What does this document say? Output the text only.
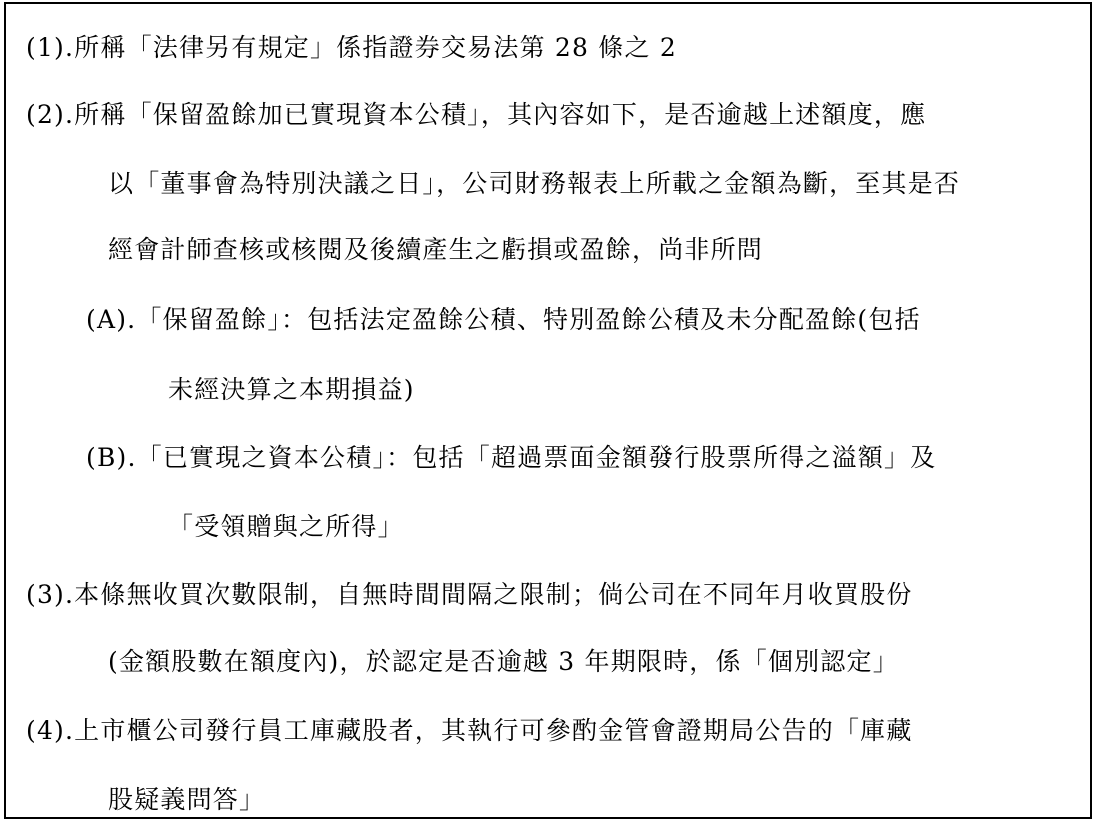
(1).所稱「法律另有規定」係指證券交易法第 28 條之 2
(2).所稱「保留盈餘加已實現資本公積」，其內容如下，是否逾越上述額度，應
以「董事會為特別決議之日」，公司財務報表上所載之金額為斷，至其是否
經會計師查核或核閱及後續產生之虧損或盈餘，尚非所問
(A).「保留盈餘」：包括法定盈餘公積、特別盈餘公積及未分配盈餘(包括
未經決算之本期損益)
(B).「已實現之資本公積」：包括「超過票面金額發行股票所得之溢額」及
「受領贈與之所得」
(3).本條無收買次數限制，自無時間間隔之限制；倘公司在不同年月收買股份
(金額股數在額度內)，於認定是否逾越 3 年期限時，係「個別認定」
(4).上市櫃公司發行員工庫藏股者，其執行可參酌金管會證期局公告的「庫藏
股疑義問答」
